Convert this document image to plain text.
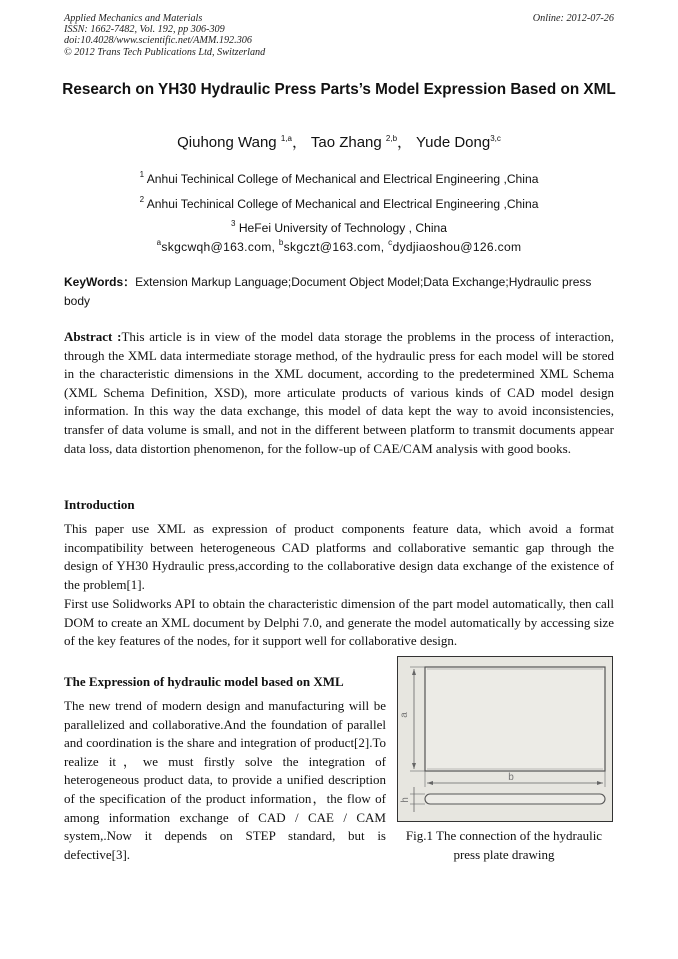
Applied Mechanics and Materials
ISSN: 1662-7482, Vol. 192, pp 306-309
doi:10.4028/www.scientific.net/AMM.192.306
© 2012 Trans Tech Publications Ltd, Switzerland
Online: 2012-07-26
Research on YH30 Hydraulic Press Parts’s Model Expression Based on XML
Qiuhong Wang $^{1,a}$， Tao Zhang $^{2,b}$， Yude Dong$^{3,c}$
$^1$ Anhui Techinical College of Mechanical and Electrical Engineering ,China
$^2$ Anhui Techinical College of Mechanical and Electrical Engineering ,China
$^3$ HeFei University of Technology , China
$^a$skgcwqh@163.com, $^b$skgczt@163.com, $^c$dydjiaoshou@126.com
KeyWords：Extension Markup Language;Document Object Model;Data Exchange;Hydraulic press body
Abstract :This article is in view of the model data storage the problems in the process of interaction, through the XML data intermediate storage method, of the hydraulic press for each model will be stored in the characteristic dimensions in the XML document, according to the predetermined XML Schema (XML Schema Definition, XSD), more articulate products of various kinds of CAD model design information. In this way the data exchange, this model of data kept the way to avoid inconsistencies, transfer of data volume is small, and not in the different between platform to transmit documents appear data loss, data distortion phenomenon, for the follow-up of CAE/CAM analysis with good books.
Introduction
This paper use XML as expression of product components feature data, which avoid a format incompatibility between heterogeneous CAD platforms and collaborative semantic gap through the design of YH30 Hydraulic press,according to the collaborative design data exchange of the existence of the problem[1].
First use Solidworks API to obtain the characteristic dimension of the part model automatically, then call DOM to create an XML document by Delphi 7.0, and generate the model automatically by accessing size of the key features of the nodes, for it support well for collaborative design.
The Expression of hydraulic model based on XML
The new trend of modern design and manufacturing will be parallelized and collaborative.And the foundation of parallel and coordination is the share and integration of product[2].To realize it，we must firstly solve the integration of heterogeneous product data, to provide a unified description of the specification of the product information，the flow of among information exchange of CAD / CAE / CAM system,.Now it depends on STEP standard, but is defective[3].
a
b
h
Fig.1 The connection of the hydraulic
press plate drawing
